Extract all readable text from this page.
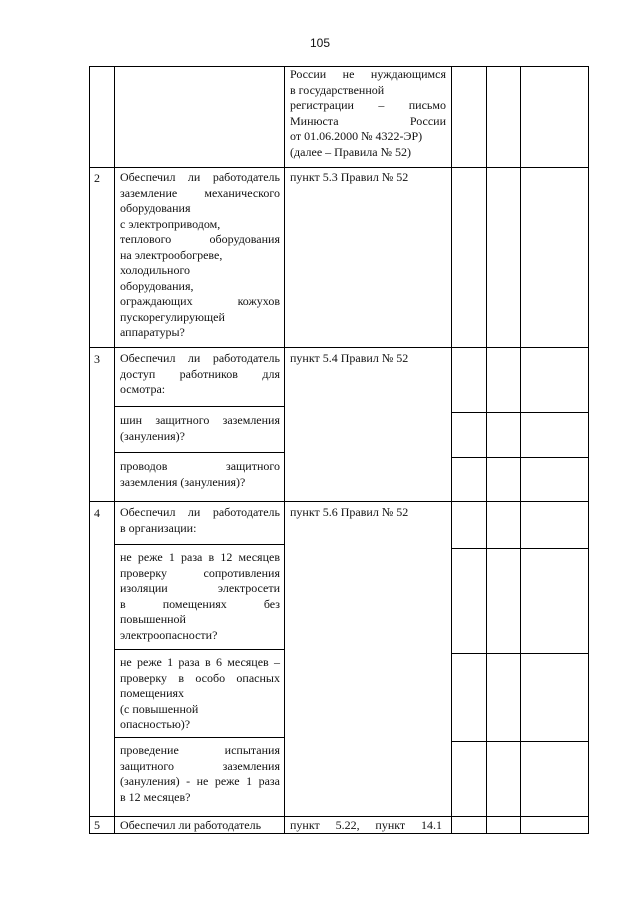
105
России не нуждающимся
в государственной
регистрации – письмо
Минюста России
от 01.06.2000 № 4322-ЭР)
(далее – Правила № 52)
2 Обеспечил ли работодатель
заземление механического
оборудования
с электроприводом,
теплового оборудования
на электрообогреве,
холодильного
оборудования,
ограждающих кожухов
пускорегулирующей
аппаратуры?
пункт 5.3 Правил № 52
3 Обеспечил ли работодатель
доступ работников для
осмотра:
пункт 5.4 Правил № 52
шин защитного заземления
(зануления)?
проводов защитного
заземления (зануления)?
4 Обеспечил ли работодатель
в организации:
пункт 5.6 Правил № 52
не реже 1 раза в 12 месяцев
проверку сопротивления
изоляции электросети
в помещениях без
повышенной
электроопасности?
не реже 1 раза в 6 месяцев –
проверку в особо опасных
помещениях
(с повышенной
опасностью)?
проведение испытания
защитного заземления
(зануления) - не реже 1 раза
в 12 месяцев?
5 Обеспечил ли работодатель	пункт 5.22, пункт 14.1
